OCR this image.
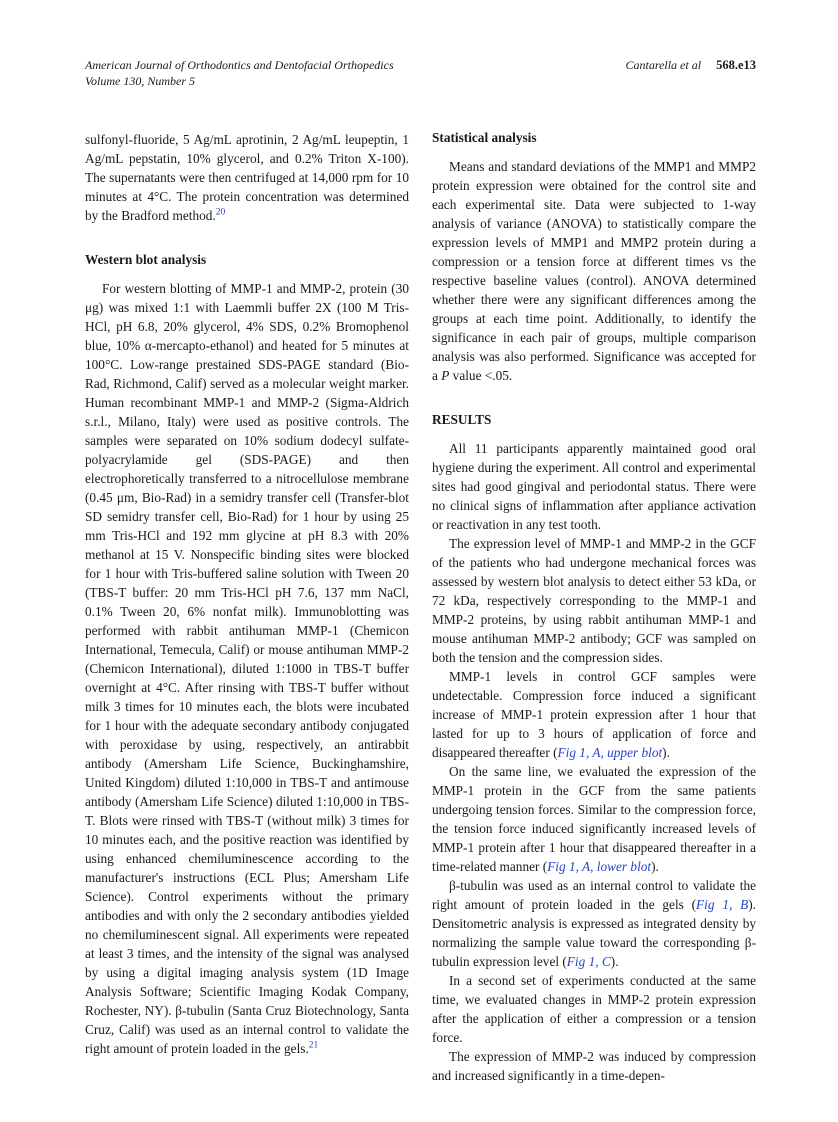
American Journal of Orthodontics and Dentofacial Orthopedics
Volume 130, Number 5
Cantarella et al 568.e13

sulfonyl-fluoride, 5 Ag/mL aprotinin, 2 Ag/mL leupeptin, 1 Ag/mL pepstatin, 10% glycerol, and 0.2% Triton X-100). The supernatants were then centrifuged at 14,000 rpm for 10 minutes at 4°C. The protein concentration was determined by the Bradford method.$^{20}$

Western blot analysis

For western blotting of MMP-1 and MMP-2, protein (30 μg) was mixed 1:1 with Laemmli buffer 2X (100 M Tris-HCl, pH 6.8, 20% glycerol, 4% SDS, 0.2% Bromophenol blue, 10% α-mercapto-ethanol) and heated for 5 minutes at 100°C. Low-range prestained SDS-PAGE standard (Bio-Rad, Richmond, Calif) served as a molecular weight marker. Human recombinant MMP-1 and MMP-2 (Sigma-Aldrich s.r.l., Milano, Italy) were used as positive controls. The samples were separated on 10% sodium dodecyl sulfate-polyacrylamide gel (SDS-PAGE) and then electrophoretically transferred to a nitrocellulose membrane (0.45 μm, Bio-Rad) in a semidry transfer cell (Transfer-blot SD semidry transfer cell, Bio-Rad) for 1 hour by using 25 mm Tris-HCl and 192 mm glycine at pH 8.3 with 20% methanol at 15 V. Nonspecific binding sites were blocked for 1 hour with Tris-buffered saline solution with Tween 20 (TBS-T buffer: 20 mm Tris-HCl pH 7.6, 137 mm NaCl, 0.1% Tween 20, 6% nonfat milk). Immunoblotting was performed with rabbit antihuman MMP-1 (Chemicon International, Temecula, Calif) or mouse antihuman MMP-2 (Chemicon International), diluted 1:1000 in TBS-T buffer overnight at 4°C. After rinsing with TBS-T buffer without milk 3 times for 10 minutes each, the blots were incubated for 1 hour with the adequate secondary antibody conjugated with peroxidase by using, respectively, an antirabbit antibody (Amersham Life Science, Buckinghamshire, United Kingdom) diluted 1:10,000 in TBS-T and antimouse antibody (Amersham Life Science) diluted 1:10,000 in TBS-T. Blots were rinsed with TBS-T (without milk) 3 times for 10 minutes each, and the positive reaction was identified by using enhanced chemiluminescence according to the manufacturer's instructions (ECL Plus; Amersham Life Science). Control experiments without the primary antibodies and with only the 2 secondary antibodies yielded no chemiluminescent signal. All experiments were repeated at least 3 times, and the intensity of the signal was analysed by using a digital imaging analysis system (1D Image Analysis Software; Scientific Imaging Kodak Company, Rochester, NY). β-tubulin (Santa Cruz Biotechnology, Santa Cruz, Calif) was used as an internal control to validate the right amount of protein loaded in the gels.$^{21}$

Statistical analysis

Means and standard deviations of the MMP1 and MMP2 protein expression were obtained for the control site and each experimental site. Data were subjected to 1-way analysis of variance (ANOVA) to statistically compare the expression levels of MMP1 and MMP2 protein during a compression or a tension force at different times vs the respective baseline values (control). ANOVA determined whether there were any significant differences among the groups at each time point. Additionally, to identify the significance in each pair of groups, multiple comparison analysis was also performed. Significance was accepted for a P value <.05.

RESULTS

All 11 participants apparently maintained good oral hygiene during the experiment. All control and experimental sites had good gingival and periodontal status. There were no clinical signs of inflammation after appliance activation or reactivation in any test tooth.

The expression level of MMP-1 and MMP-2 in the GCF of the patients who had undergone mechanical forces was assessed by western blot analysis to detect either 53 kDa, or 72 kDa, respectively corresponding to the MMP-1 and MMP-2 proteins, by using rabbit antihuman MMP-1 and mouse antihuman MMP-2 antibody; GCF was sampled on both the tension and the compression sides.

MMP-1 levels in control GCF samples were undetectable. Compression force induced a significant increase of MMP-1 protein expression after 1 hour that lasted for up to 3 hours of application of force and disappeared thereafter (Fig 1, A, upper blot).

On the same line, we evaluated the expression of the MMP-1 protein in the GCF from the same patients undergoing tension forces. Similar to the compression force, the tension force induced significantly increased levels of MMP-1 protein after 1 hour that disappeared thereafter in a time-related manner (Fig 1, A, lower blot).

β-tubulin was used as an internal control to validate the right amount of protein loaded in the gels (Fig 1, B). Densitometric analysis is expressed as integrated density by normalizing the sample value toward the corresponding β-tubulin expression level (Fig 1, C).

In a second set of experiments conducted at the same time, we evaluated changes in MMP-2 protein expression after the application of either a compression or a tension force.

The expression of MMP-2 was induced by compression and increased significantly in a time-depen-
